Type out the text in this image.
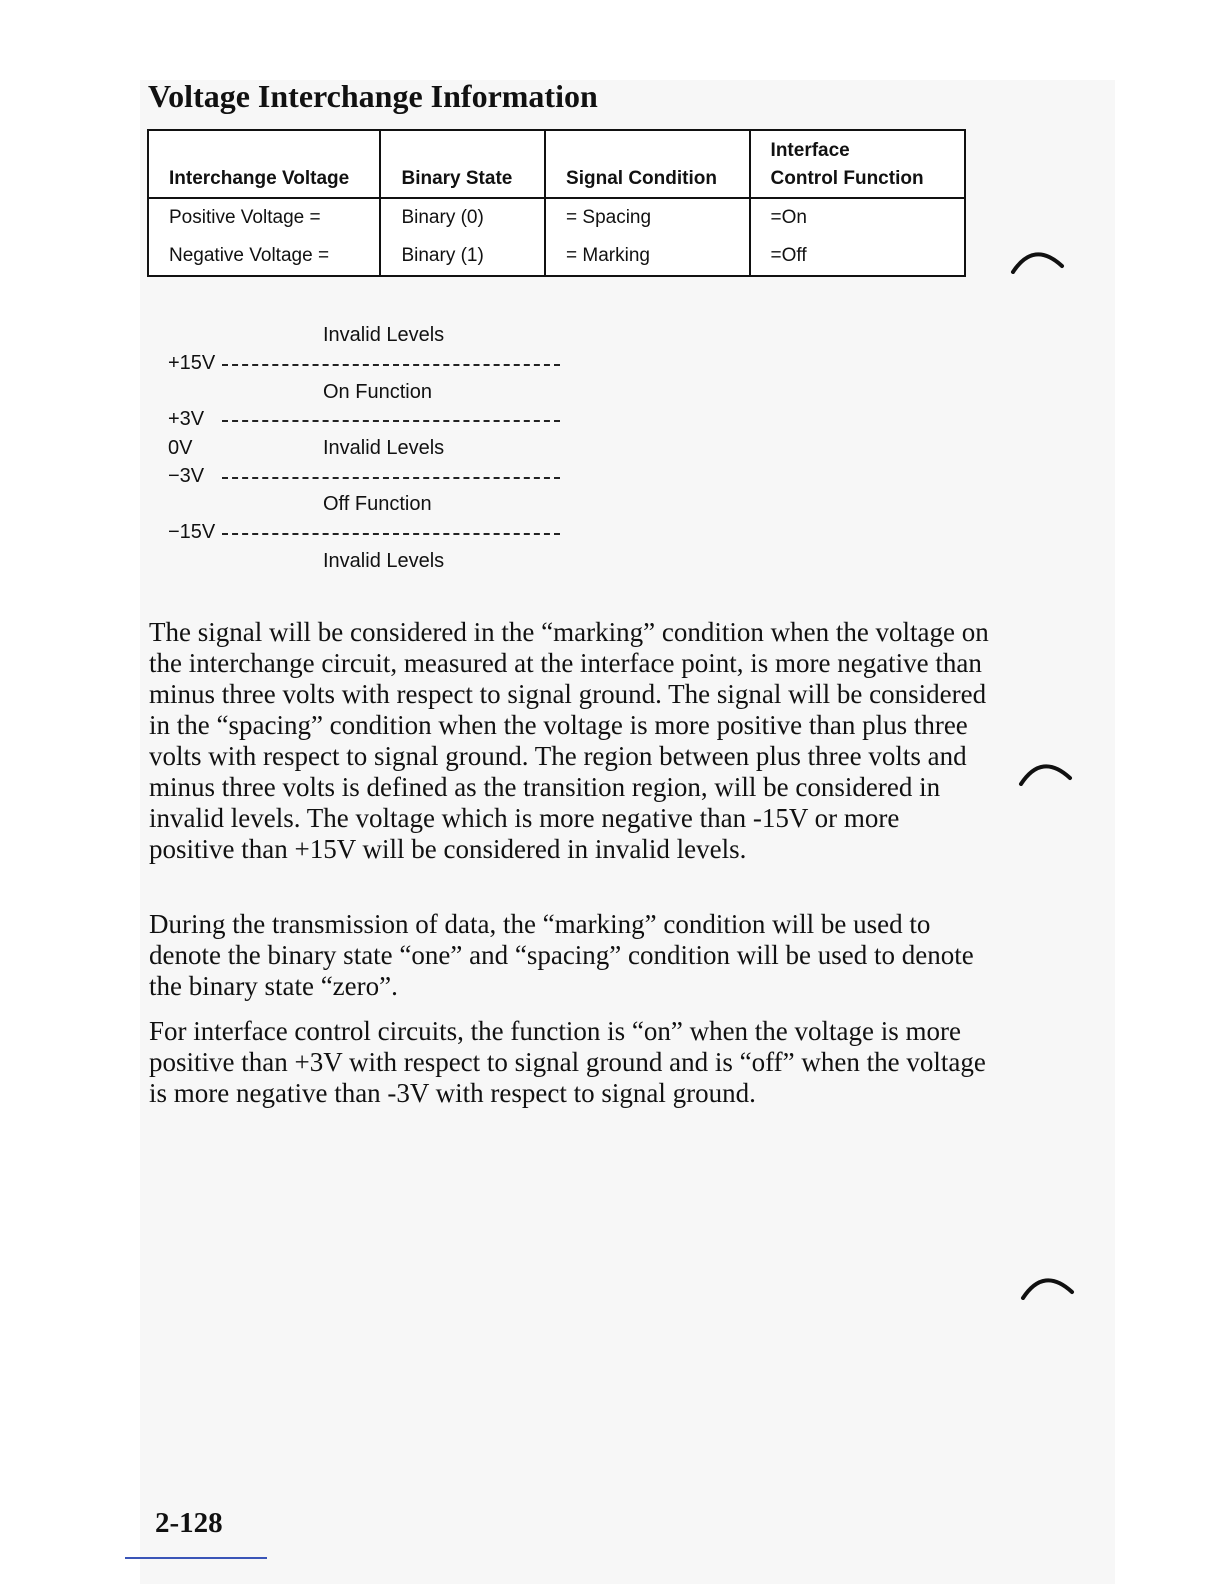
Voltage Interchange Information
Interchange Voltage	Binary State	Signal Condition	Interface
Control Function
Positive Voltage =	Binary (0)	= Spacing	=On
Negative Voltage =	Binary (1)	= Marking	=Off
Invalid Levels
+15V
On Function
+3V
0V	Invalid Levels
−3V
Off Function
−15V
Invalid Levels

The signal will be considered in the “marking” condition when the voltage on the interchange circuit, measured at the interface point, is more negative than minus three volts with respect to signal ground. The signal will be considered in the “spacing” condition when the voltage is more positive than plus three volts with respect to signal ground. The region between plus three volts and minus three volts is defined as the transition region, will be considered in invalid levels. The voltage which is more negative than -15V or more positive than +15V will be considered in invalid levels.

During the transmission of data, the “marking” condition will be used to denote the binary state “one” and “spacing” condition will be used to denote the binary state “zero”.

For interface control circuits, the function is “on” when the voltage is more positive than +3V with respect to signal ground and is “off” when the voltage is more negative than -3V with respect to signal ground.

2-128
